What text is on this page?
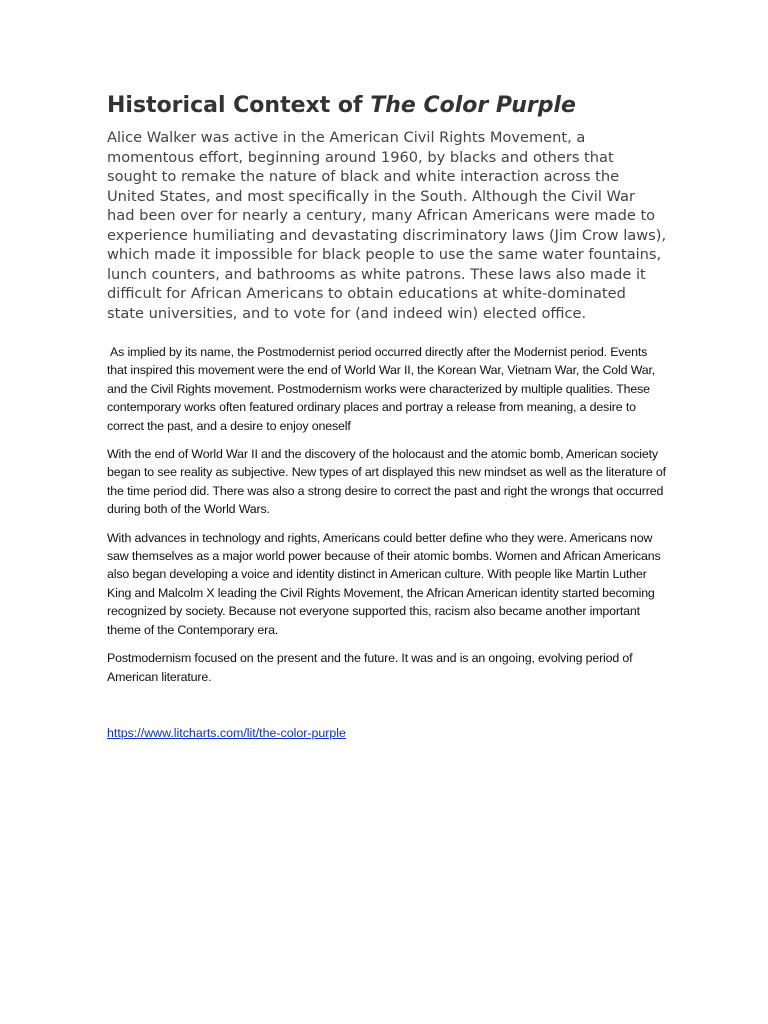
Historical Context of The Color Purple

Alice Walker was active in the American Civil Rights Movement, a momentous effort, beginning around 1960, by blacks and others that sought to remake the nature of black and white interaction across the United States, and most specifically in the South. Although the Civil War had been over for nearly a century, many African Americans were made to experience humiliating and devastating discriminatory laws (Jim Crow laws), which made it impossible for black people to use the same water fountains, lunch counters, and bathrooms as white patrons. These laws also made it difficult for African Americans to obtain educations at white-dominated state universities, and to vote for (and indeed win) elected office.

As implied by its name, the Postmodernist period occurred directly after the Modernist period. Events that inspired this movement were the end of World War II, the Korean War, Vietnam War, the Cold War, and the Civil Rights movement. Postmodernism works were characterized by multiple qualities. These contemporary works often featured ordinary places and portray a release from meaning, a desire to correct the past, and a desire to enjoy oneself

With the end of World War II and the discovery of the holocaust and the atomic bomb, American society began to see reality as subjective. New types of art displayed this new mindset as well as the literature of the time period did. There was also a strong desire to correct the past and right the wrongs that occurred during both of the World Wars.

With advances in technology and rights, Americans could better define who they were. Americans now saw themselves as a major world power because of their atomic bombs. Women and African Americans also began developing a voice and identity distinct in American culture. With people like Martin Luther King and Malcolm X leading the Civil Rights Movement, the African American identity started becoming recognized by society. Because not everyone supported this, racism also became another important theme of the Contemporary era.

Postmodernism focused on the present and the future. It was and is an ongoing, evolving period of American literature.

https://www.litcharts.com/lit/the-color-purple
